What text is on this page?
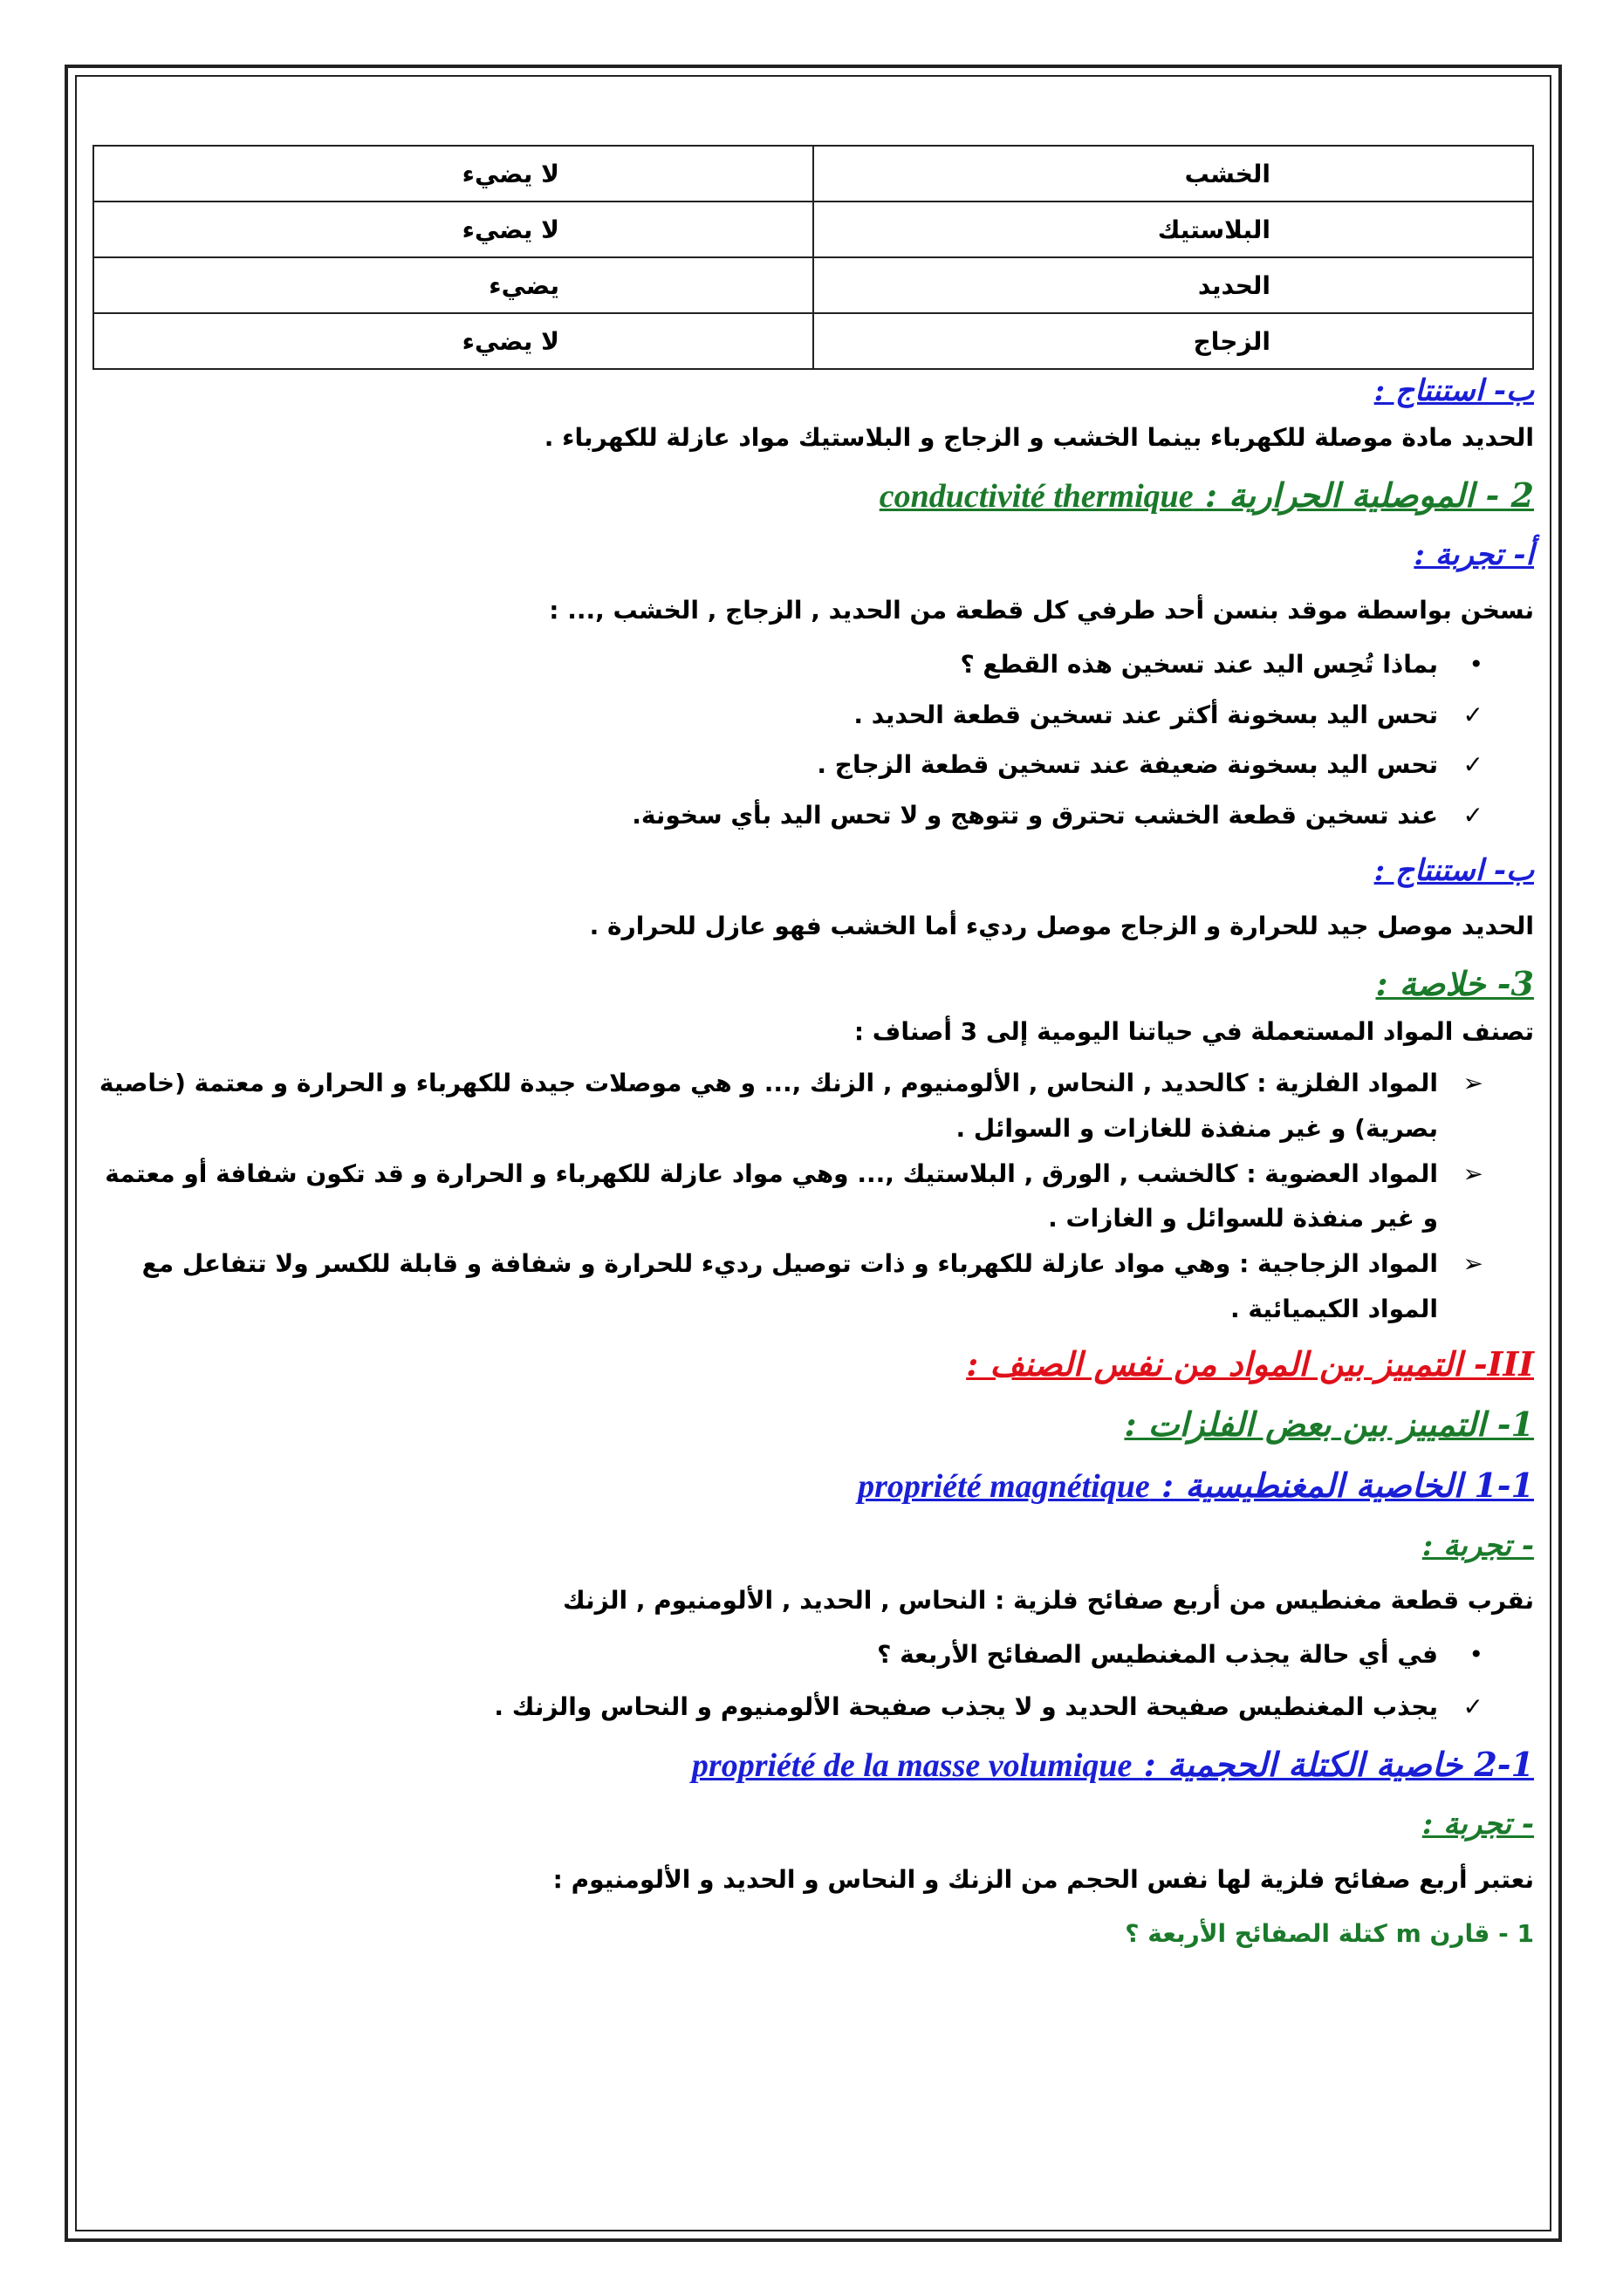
الخشب	لا يضيء
البلاستيك	لا يضيء
الحديد	يضيء
الزجاج	لا يضيء

ب- استنتاج :

الحديد مادة موصلة للكهرباء بينما الخشب و الزجاج و البلاستيك مواد عازلة للكهرباء .

2 - الموصلية الحرارية : conductivité thermique

أ- تجربة :

نسخن بواسطة موقد بنسن أحد طرفي كل قطعة من الحديد , الزجاج , الخشب ,... :

•
بماذا تُحِس اليد عند تسخين هذه القطع ؟
✓
تحس اليد بسخونة أكثر عند تسخين قطعة الحديد .
✓
تحس اليد بسخونة ضعيفة عند تسخين قطعة الزجاج .
✓
عند تسخين قطعة الخشب تحترق و تتوهج و لا تحس اليد بأي سخونة.

ب- استنتاج :

الحديد موصل جيد للحرارة و الزجاج موصل رديء أما الخشب فهو عازل للحرارة .

3- خلاصة :

تصنف المواد المستعملة في حياتنا اليومية إلى 3 أصناف :

➢
المواد الفلزية : كالحديد , النحاس , الألومنيوم , الزنك ,... و هي موصلات جيدة للكهرباء و الحرارة و معتمة (خاصية بصرية) و غير منفذة للغازات و السوائل .
➢
المواد العضوية : كالخشب , الورق , البلاستيك ,... وهي مواد عازلة للكهرباء و الحرارة و قد تكون شفافة أو معتمة و غير منفذة للسوائل و الغازات .
➢
المواد الزجاجية : وهي مواد عازلة للكهرباء و ذات توصيل رديء للحرارة و شفافة و قابلة للكسر ولا تتفاعل مع المواد الكيميائية .

III- التمييز بين المواد من نفس الصنف :

1- التمييز بين بعض الفلزات :

1-1 الخاصية المغنطيسية : propriété magnétique

- تجربة :

نقرب قطعة مغنطيس من أربع صفائح فلزية : النحاس , الحديد , الألومنيوم , الزنك

•
في أي حالة يجذب المغنطيس الصفائح الأربعة ؟
✓
يجذب المغنطيس صفيحة الحديد و لا يجذب صفيحة الألومنيوم و النحاس والزنك .

2-1 خاصية الكتلة الحجمية : propriété de la masse volumique

- تجربة :

نعتبر أربع صفائح فلزية لها نفس الحجم من الزنك و النحاس و الحديد و الألومنيوم :

1 - قارن m كتلة الصفائح الأربعة ؟
